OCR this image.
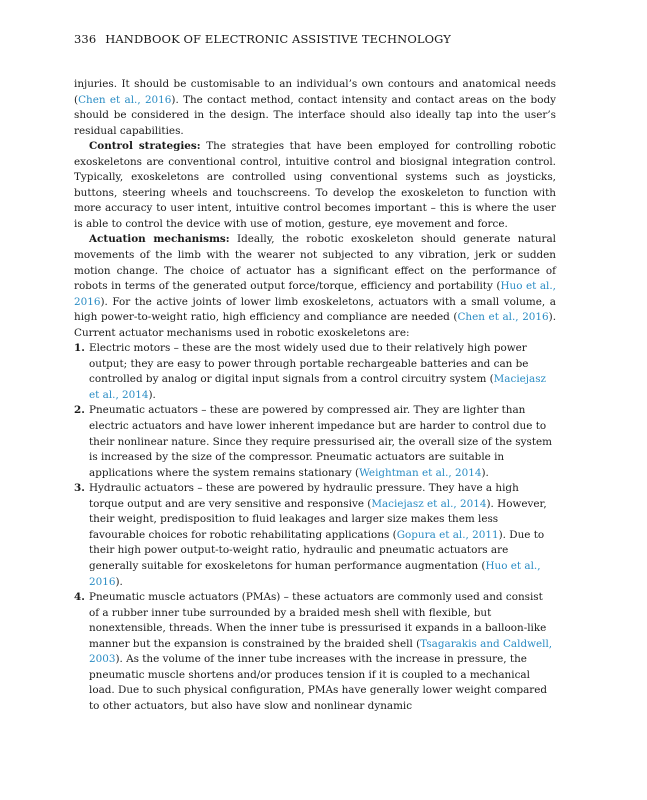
336 HANDBOOK OF ELECTRONIC ASSISTIVE TECHNOLOGY

injuries. It should be customisable to an individual’s own contours and anatomical needs (Chen et al., 2016). The contact method, contact intensity and contact areas on the body should be considered in the design. The interface should also ideally tap into the user’s residual capabilities.

Control strategies: The strategies that have been employed for controlling robotic exoskeletons are conventional control, intuitive control and biosignal integration control. Typically, exoskeletons are controlled using conventional systems such as joysticks, buttons, steering wheels and touchscreens. To develop the exoskeleton to function with more accuracy to user intent, intuitive control becomes important – this is where the user is able to control the device with use of motion, gesture, eye movement and force.

Actuation mechanisms: Ideally, the robotic exoskeleton should generate natural movements of the limb with the wearer not subjected to any vibration, jerk or sudden motion change. The choice of actuator has a significant effect on the performance of robots in terms of the generated output force/torque, efficiency and portability (Huo et al., 2016). For the active joints of lower limb exoskeletons, actuators with a small volume, a high power-to-weight ratio, high efficiency and compliance are needed (Chen et al., 2016). Current actuator mechanisms used in robotic exoskeletons are:

1. Electric motors – these are the most widely used due to their relatively high power output; they are easy to power through portable rechargeable batteries and can be controlled by analog or digital input signals from a control circuitry system (Maciejasz et al., 2014).
2. Pneumatic actuators – these are powered by compressed air. They are lighter than electric actuators and have lower inherent impedance but are harder to control due to their nonlinear nature. Since they require pressurised air, the overall size of the system is increased by the size of the compressor. Pneumatic actuators are suitable in applications where the system remains stationary (Weightman et al., 2014).
3. Hydraulic actuators – these are powered by hydraulic pressure. They have a high torque output and are very sensitive and responsive (Maciejasz et al., 2014). However, their weight, predisposition to fluid leakages and larger size makes them less favourable choices for robotic rehabilitating applications (Gopura et al., 2011). Due to their high power output-to-weight ratio, hydraulic and pneumatic actuators are generally suitable for exoskeletons for human performance augmentation (Huo et al., 2016).
4. Pneumatic muscle actuators (PMAs) – these actuators are commonly used and consist of a rubber inner tube surrounded by a braided mesh shell with flexible, but nonextensible, threads. When the inner tube is pressurised it expands in a balloon-like manner but the expansion is constrained by the braided shell (Tsagarakis and Caldwell, 2003). As the volume of the inner tube increases with the increase in pressure, the pneumatic muscle shortens and/or produces tension if it is coupled to a mechanical load. Due to such physical configuration, PMAs have generally lower weight compared to other actuators, but also have slow and nonlinear dynamic
